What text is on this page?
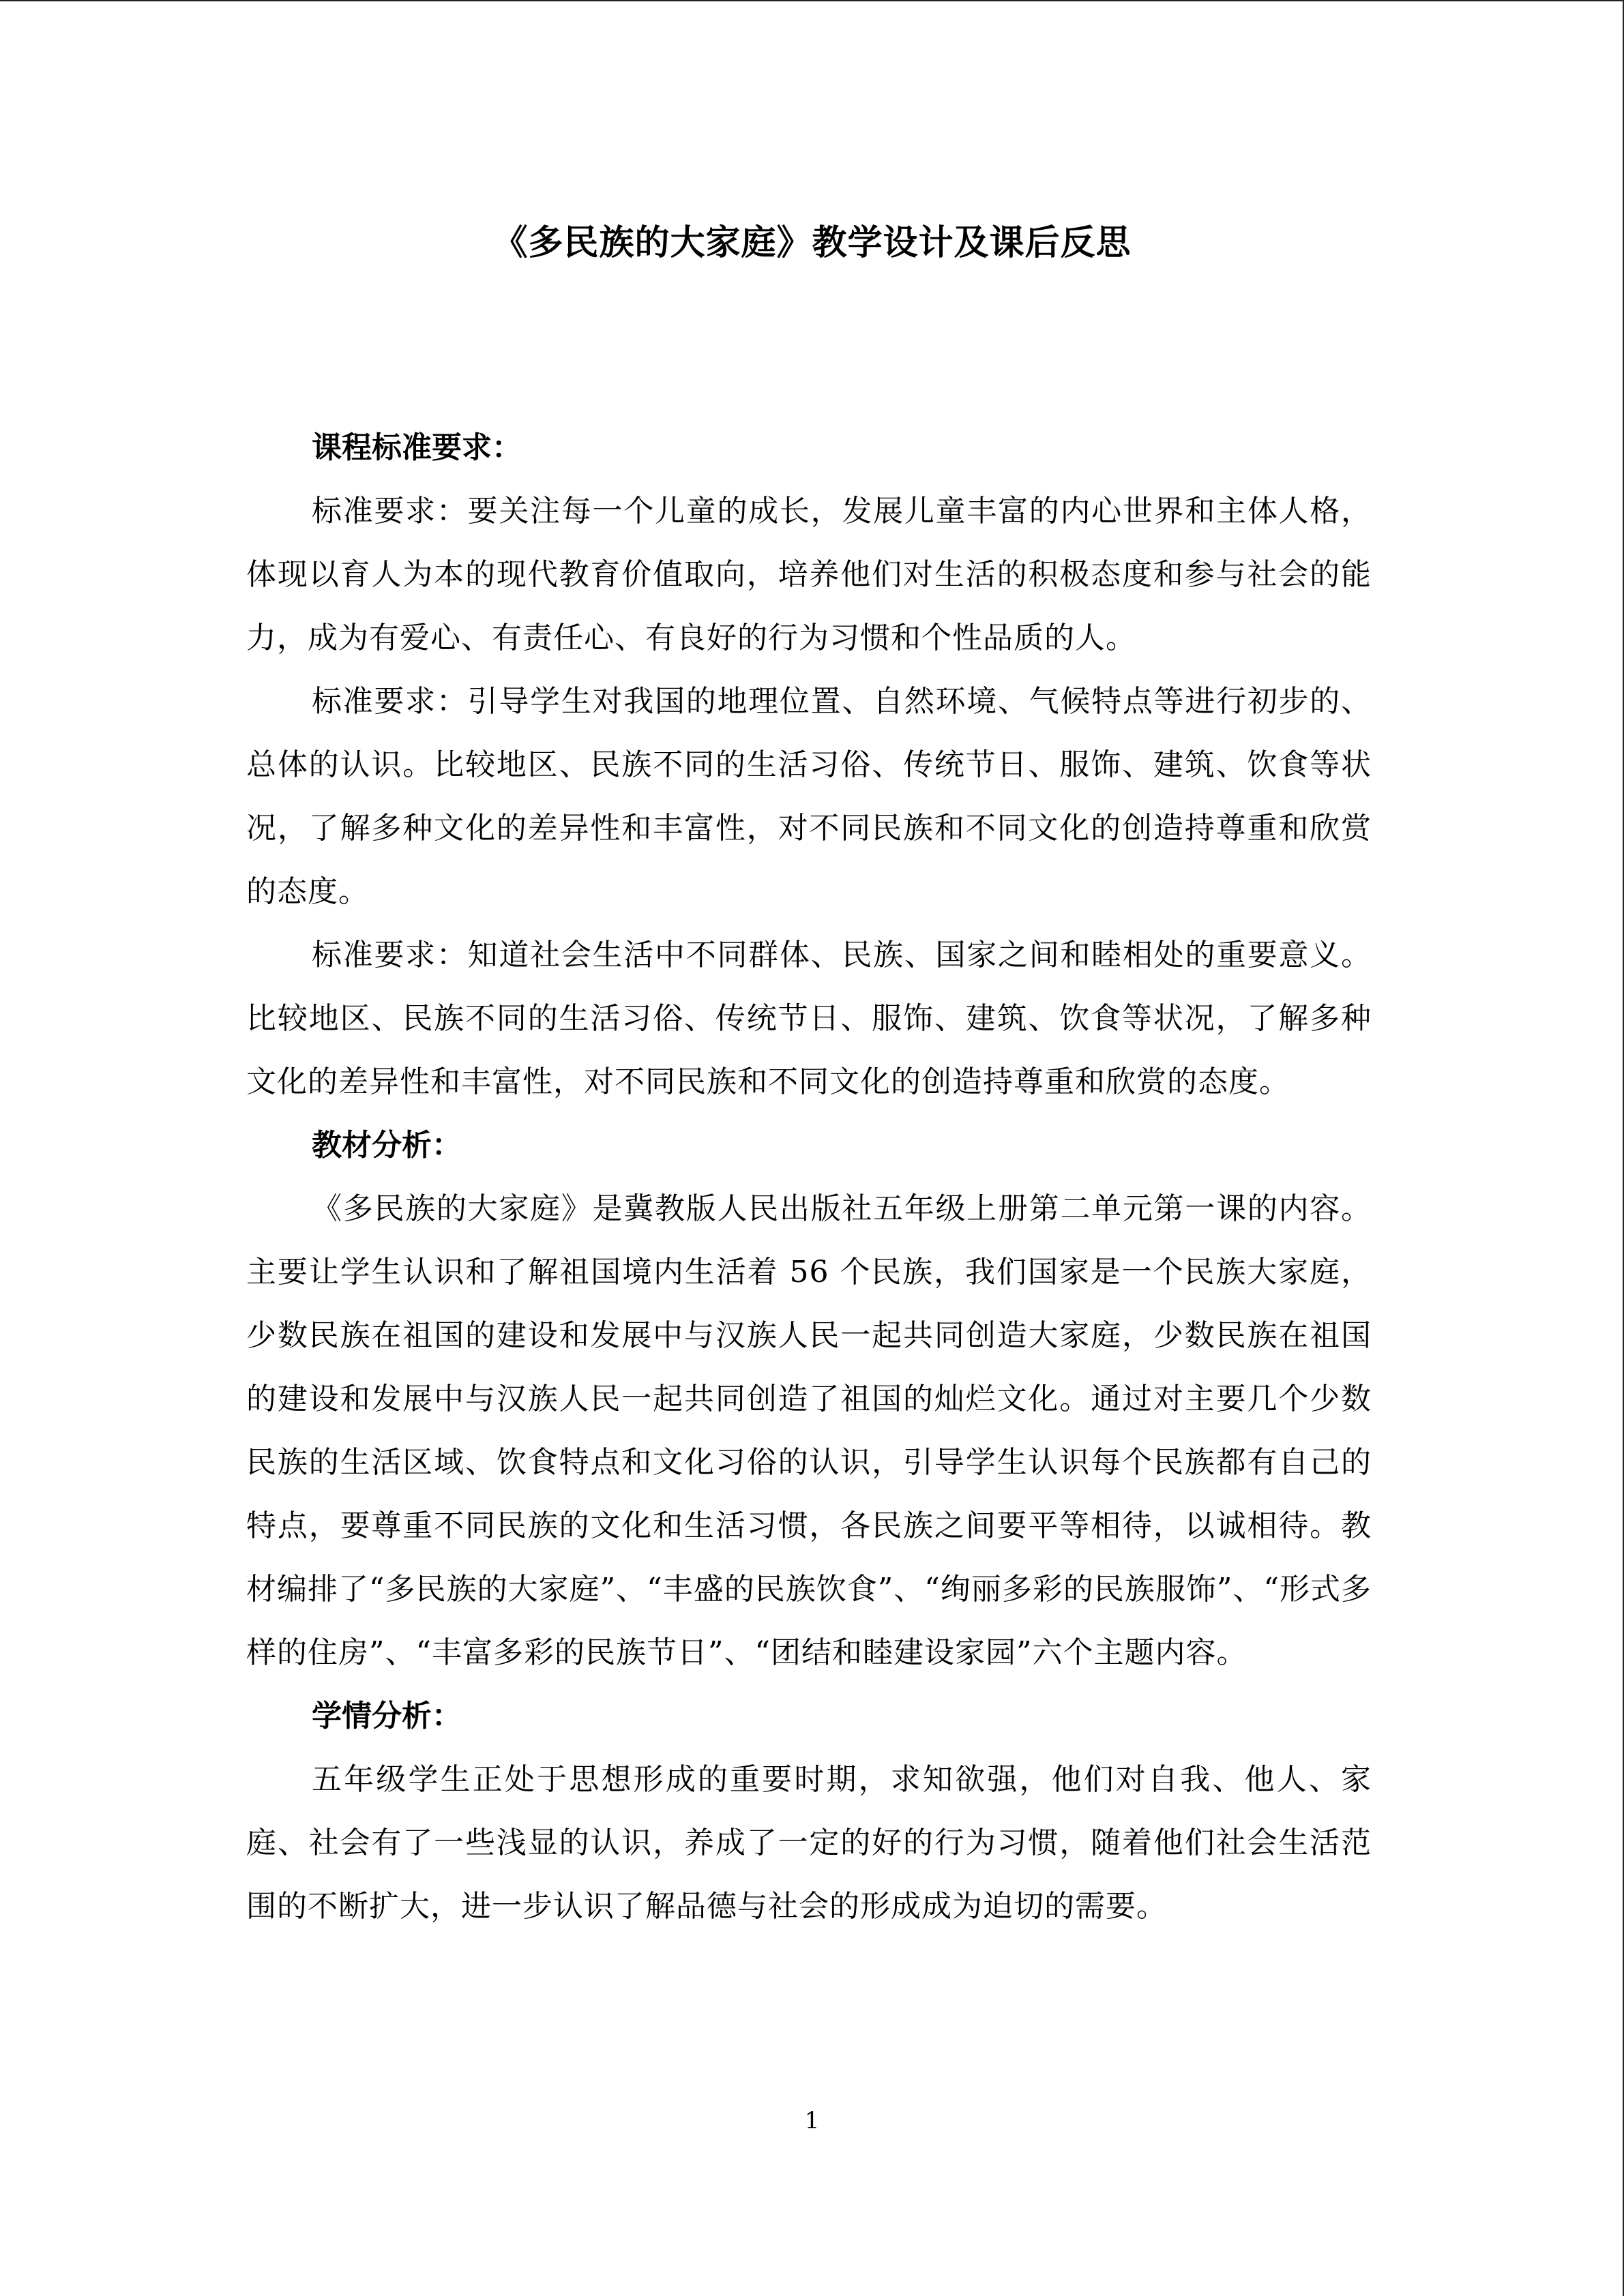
《多民族的大家庭》教学设计及课后反思

课程标准要求：

标准要求：要关注每一个儿童的成长，发展儿童丰富的内心世界和主体人格，体现以育人为本的现代教育价值取向，培养他们对生活的积极态度和参与社会的能力，成为有爱心、有责任心、有良好的行为习惯和个性品质的人。

标准要求：引导学生对我国的地理位置、自然环境、气候特点等进行初步的、总体的认识。比较地区、民族不同的生活习俗、传统节日、服饰、建筑、饮食等状况，了解多种文化的差异性和丰富性，对不同民族和不同文化的创造持尊重和欣赏的态度。

标准要求：知道社会生活中不同群体、民族、国家之间和睦相处的重要意义。比较地区、民族不同的生活习俗、传统节日、服饰、建筑、饮食等状况，了解多种文化的差异性和丰富性，对不同民族和不同文化的创造持尊重和欣赏的态度。

教材分析：

《多民族的大家庭》是冀教版人民出版社五年级上册第二单元第一课的内容。主要让学生认识和了解祖国境内生活着 56 个民族，我们国家是一个民族大家庭，少数民族在祖国的建设和发展中与汉族人民一起共同创造大家庭，少数民族在祖国的建设和发展中与汉族人民一起共同创造了祖国的灿烂文化。通过对主要几个少数民族的生活区域、饮食特点和文化习俗的认识，引导学生认识每个民族都有自己的特点，要尊重不同民族的文化和生活习惯，各民族之间要平等相待，以诚相待。教材编排了“多民族的大家庭”、“丰盛的民族饮食”、“绚丽多彩的民族服饰”、“形式多样的住房”、“丰富多彩的民族节日”、“团结和睦建设家园”六个主题内容。

学情分析：

五年级学生正处于思想形成的重要时期，求知欲强，他们对自我、他人、家庭、社会有了一些浅显的认识，养成了一定的好的行为习惯，随着他们社会生活范围的不断扩大，进一步认识了解品德与社会的形成成为迫切的需要。

1
